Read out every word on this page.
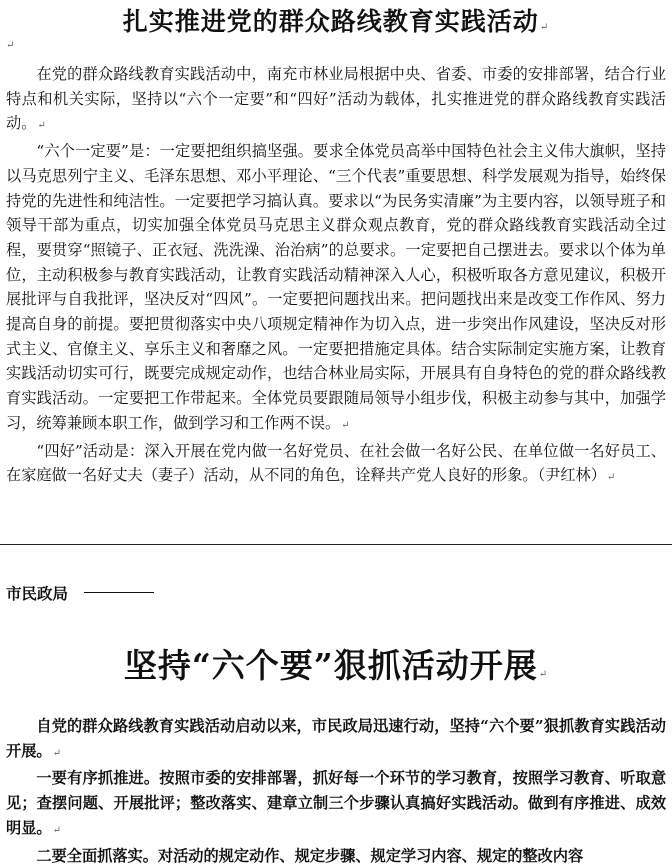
扎实推进党的群众路线教育实践活动↵
↵

在党的群众路线教育实践活动中，南充市林业局根据中央、省委、市委的安排部署，结合行业特点和机关实际，坚持以“六个一定要”和“四好”活动为载体，扎实推进党的群众路线教育实践活动。↵

“六个一定要”是：一定要把组织搞坚强。要求全体党员高举中国特色社会主义伟大旗帜，坚持以马克思列宁主义、毛泽东思想、邓小平理论、“三个代表”重要思想、科学发展观为指导，始终保持党的先进性和纯洁性。一定要把学习搞认真。要求以“为民务实清廉”为主要内容，以领导班子和领导干部为重点，切实加强全体党员马克思主义群众观点教育，党的群众路线教育实践活动全过程，要贯穿“照镜子、正衣冠、洗洗澡、治治病”的总要求。一定要把自己摆进去。要求以个体为单位，主动积极参与教育实践活动，让教育实践活动精神深入人心，积极听取各方意见建议，积极开展批评与自我批评，坚决反对“四风”。一定要把问题找出来。把问题找出来是改变工作作风、努力提高自身的前提。要把贯彻落实中央八项规定精神作为切入点，进一步突出作风建设，坚决反对形式主义、官僚主义、享乐主义和奢靡之风。一定要把措施定具体。结合实际制定实施方案，让教育实践活动切实可行，既要完成规定动作，也结合林业局实际，开展具有自身特色的党的群众路线教育实践活动。一定要把工作带起来。全体党员要跟随局领导小组步伐，积极主动参与其中，加强学习，统筹兼顾本职工作，做到学习和工作两不误。↵

“四好”活动是：深入开展在党内做一名好党员、在社会做一名好公民、在单位做一名好员工、在家庭做一名好丈夫（妻子）活动，从不同的角色，诠释共产党人良好的形象。（尹红林）↵

市民政局
坚持“六个要”狠抓活动开展↵

自党的群众路线教育实践活动启动以来，市民政局迅速行动，坚持“六个要”狠抓教育实践活动开展。↵

一要有序抓推进。按照市委的安排部署，抓好每一个环节的学习教育，按照学习教育、听取意见；查摆问题、开展批评；整改落实、建章立制三个步骤认真搞好实践活动。做到有序推进、成效明显。↵

二要全面抓落实。对活动的规定动作、规定步骤、规定学习内容、规定的整改内容
